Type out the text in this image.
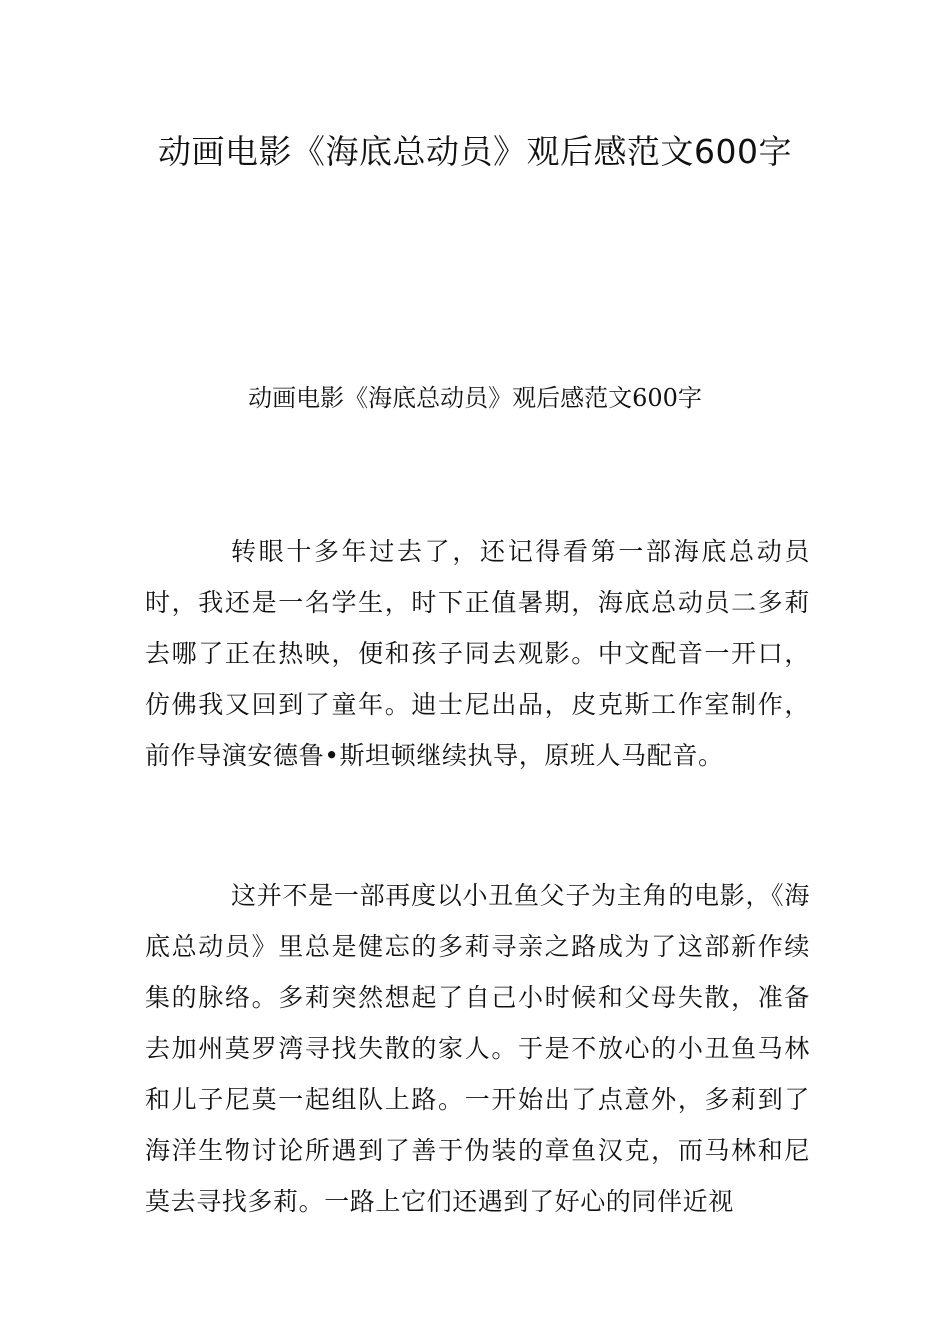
动画电影《海底总动员》观后感范文600字

动画电影《海底总动员》观后感范文600字

转眼十多年过去了，还记得看第一部海底总动员时，我还是一名学生，时下正值暑期，海底总动员二多莉去哪了正在热映，便和孩子同去观影。中文配音一开口，仿佛我又回到了童年。迪士尼出品，皮克斯工作室制作，前作导演安德鲁•斯坦顿继续执导，原班人马配音。

这并不是一部再度以小丑鱼父子为主角的电影，《海底总动员》里总是健忘的多莉寻亲之路成为了这部新作续集的脉络。多莉突然想起了自己小时候和父母失散，准备去加州莫罗湾寻找失散的家人。于是不放心的小丑鱼马林和儿子尼莫一起组队上路。一开始出了点意外，多莉到了海洋生物讨论所遇到了善于伪装的章鱼汉克，而马林和尼莫去寻找多莉。一路上它们还遇到了好心的同伴近视
